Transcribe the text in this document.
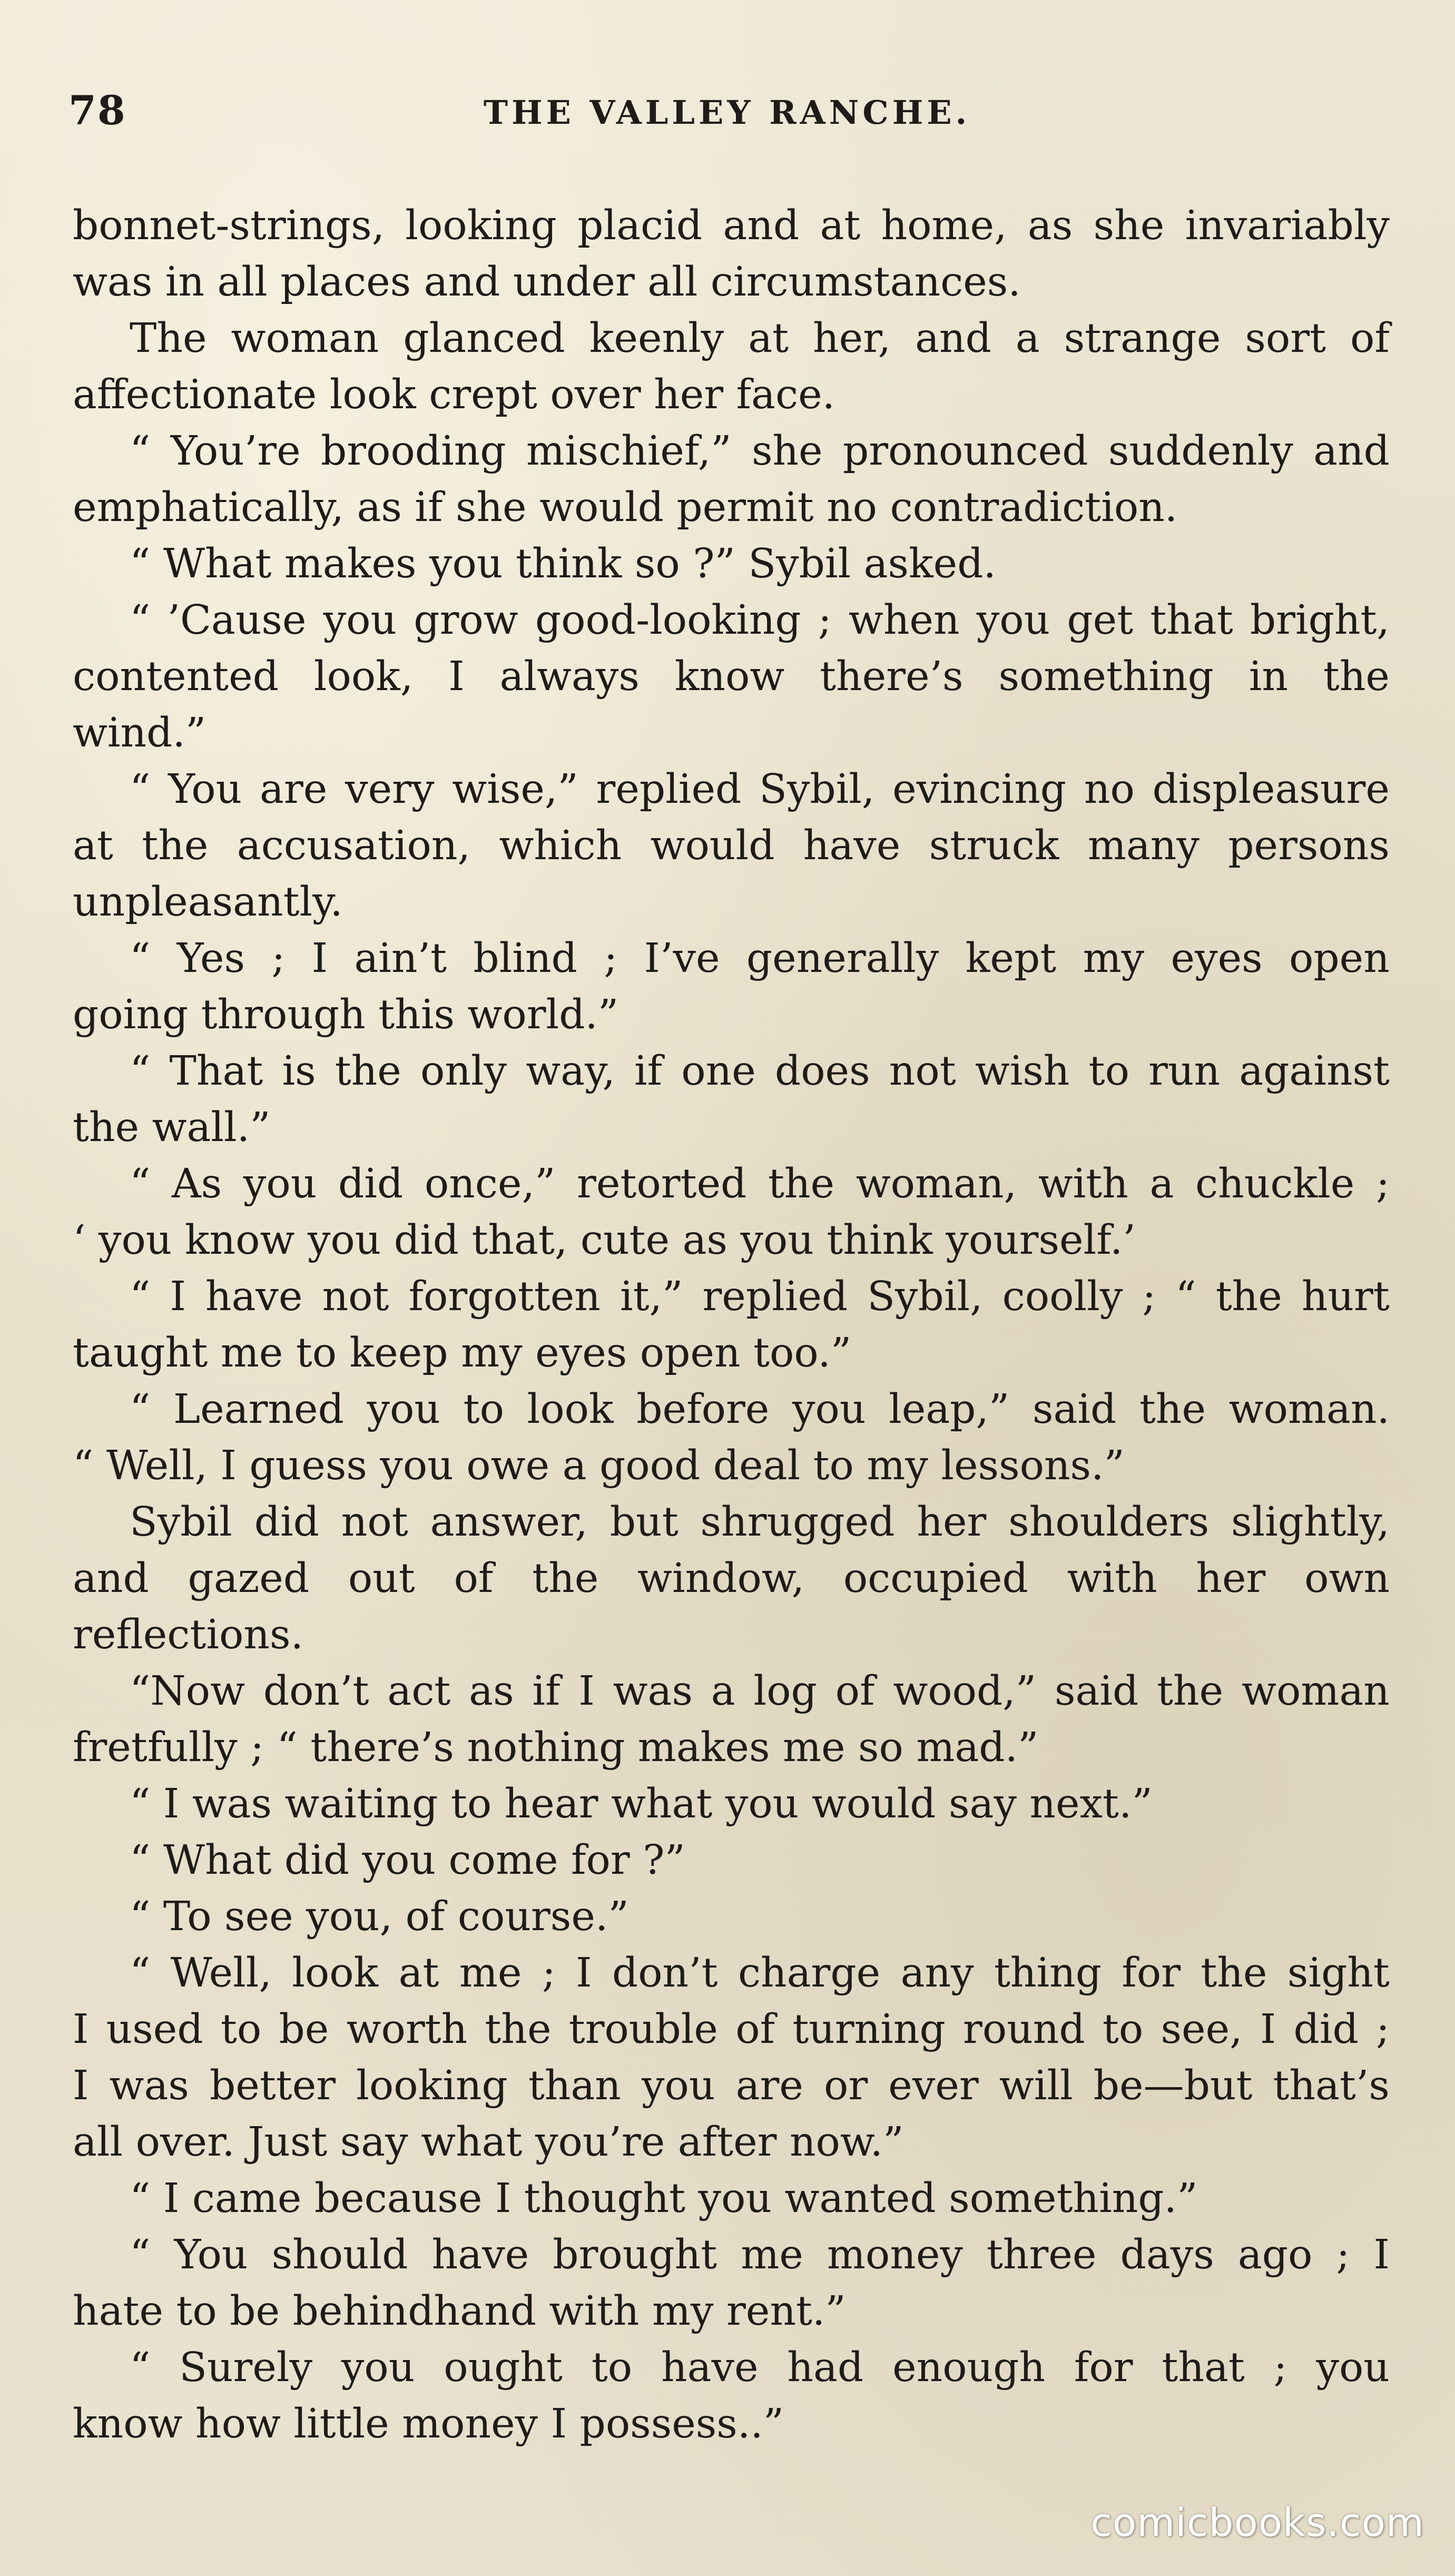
78	THE VALLEY RANCHE.
bonnet-strings, looking placid and at home, as she invariably
was in all places and under all circumstances.
The woman glanced keenly at her, and a strange sort of
affectionate look crept over her face.
“ You’re brooding mischief,” she pronounced suddenly and
emphatically, as if she would permit no contradiction.
“ What makes you think so ?” Sybil asked.
“ ’Cause you grow good-looking ; when you get that bright,
contented look, I always know there’s something in the
wind.”
“ You are very wise,” replied Sybil, evincing no displeasure
at the accusation, which would have struck many persons
unpleasantly.
“ Yes ; I ain’t blind ; I’ve generally kept my eyes open
going through this world.”
“ That is the only way, if one does not wish to run against
the wall.”
“ As you did once,” retorted the woman, with a chuckle ;
‘ you know you did that, cute as you think yourself.’
“ I have not forgotten it,” replied Sybil, coolly ; “ the hurt
taught me to keep my eyes open too.”
“ Learned you to look before you leap,” said the woman.
“ Well, I guess you owe a good deal to my lessons.”
Sybil did not answer, but shrugged her shoulders slightly,
and gazed out of the window, occupied with her own
reflections.
“Now don’t act as if I was a log of wood,” said the woman
fretfully ; “ there’s nothing makes me so mad.”
“ I was waiting to hear what you would say next.”
“ What did you come for ?”
“ To see you, of course.”
“ Well, look at me ; I don’t charge any thing for the sight
I used to be worth the trouble of turning round to see, I did ;
I was better looking than you are or ever will be—but that’s
all over. Just say what you’re after now.”
“ I came because I thought you wanted something.”
“ You should have brought me money three days ago ; I
hate to be behindhand with my rent.”
“ Surely you ought to have had enough for that ; you
know how little money I possess..”
comicbooks.com
